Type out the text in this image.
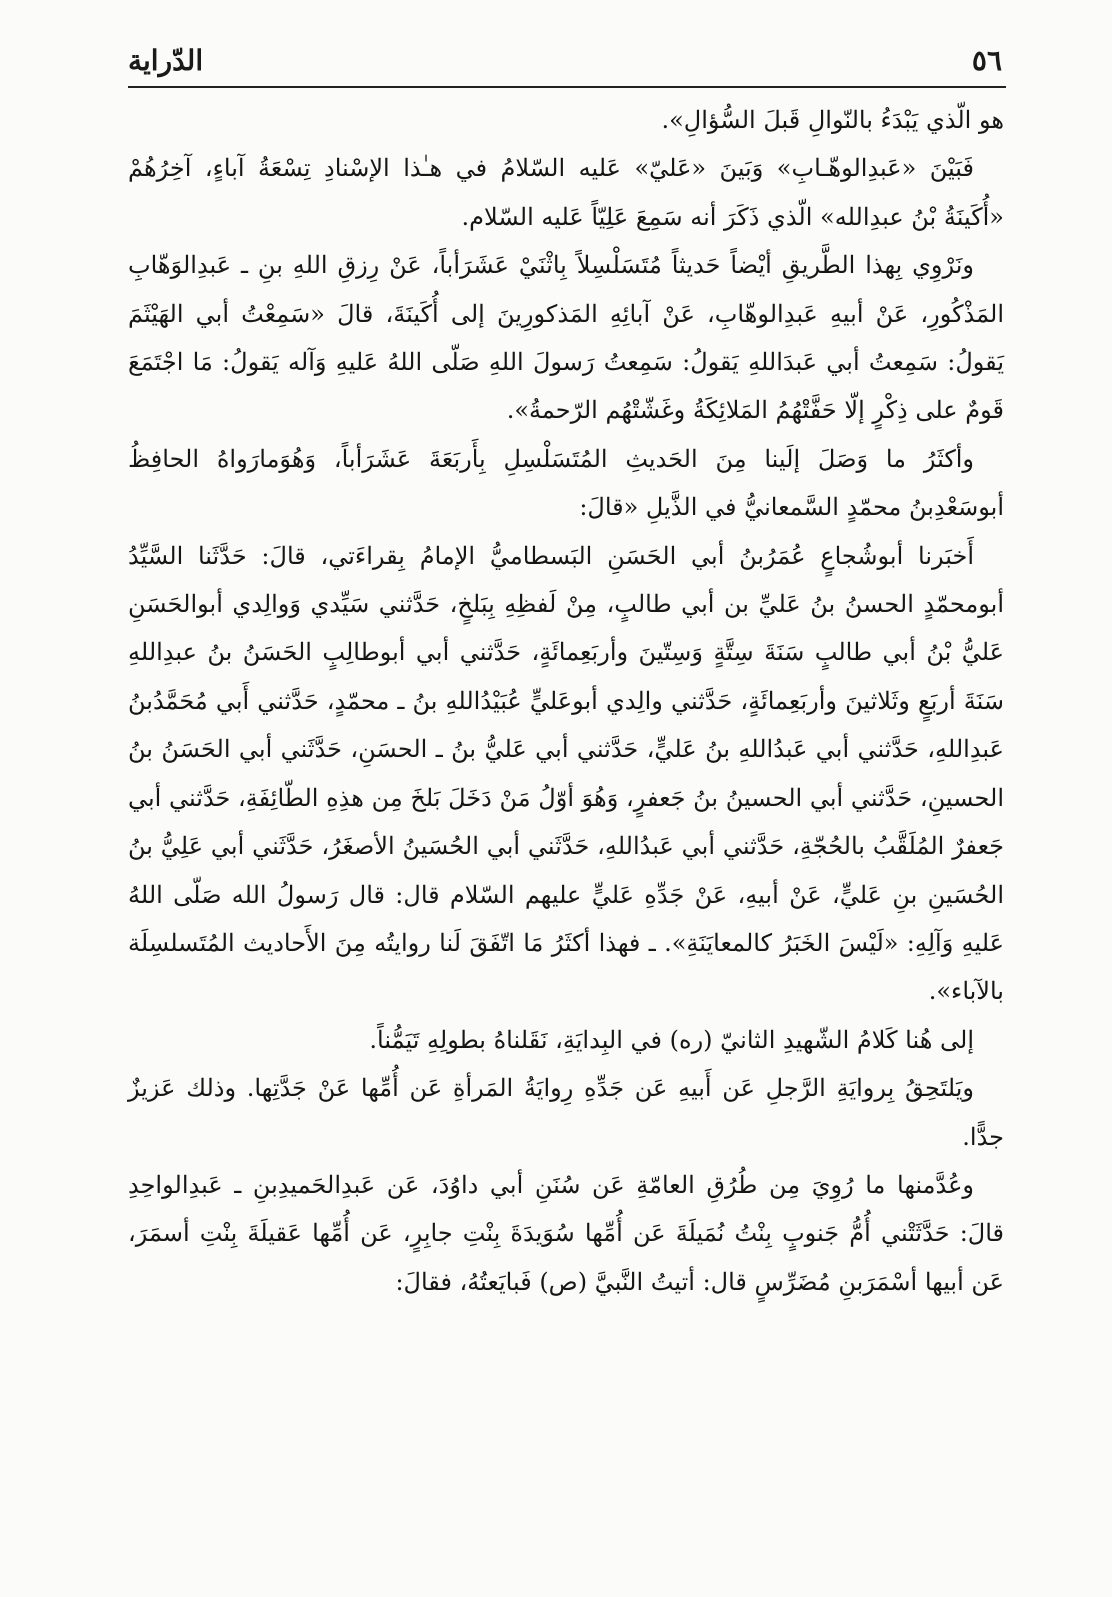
٥٦
الدّراية

هو الّذي يَبْدَءُ بالنّوالِ قَبلَ السُّؤالِ».

فَبَيْنَ «عَبدِالوهّـابِ» وَبَينَ «عَليّ» عَليه السّلامُ في هـٰذا الإسْنادِ تِسْعَةُ آباءٍ، آخِرُهُمْ «أُكَينَةُ بْنُ عبدِالله» الّذي ذَكَرَ أنه سَمِعَ عَلِيّاً عَليه السّلام.

ونَرْوِي بِهذا الطَّريقِ أيْضاً حَديثاً مُتَسَلْسِلاً بِاثْنَيْ عَشَرَأباً، عَنْ رِزقِ اللهِ بنِ ـ عَبدِالوَهّابِ المَذْكُورِ، عَنْ أبيهِ عَبدِالوهّابِ، عَنْ آبائِهِ المَذكورِينَ إلى أُكَينَةَ، قالَ «سَمِعْتُ أبي الهَيْثَمَ يَقولُ: سَمِعتُ أبي عَبدَاللهِ يَقولُ: سَمِعتُ رَسولَ اللهِ صَلّى اللهُ عَليهِ وَآله يَقولُ: مَا اجْتَمَعَ قَومٌ على ذِكْرٍ إلّا حَفَّتْهُمُ المَلائِكَةُ وغَشّتْهُم الرّحمةُ».

وأكثَرُ ما وَصَلَ إلَينا مِنَ الحَديثِ المُتَسَلْسِلِ بِأَربَعَةَ عَشَرَأباً، وَهُوَمارَواهُ الحافِظُ أبوسَعْدِبنُ محمّدٍ السَّمعانيُّ في الذَّيلِ «قالَ:

أَخبَرنا أبوشُجاعٍ عُمَرُبنُ أبي الحَسَنِ البَسطاميُّ الإمامُ بِقراءَتي، قالَ: حَدَّثَنا السَّيِّدُ أبومحمّدٍ الحسنُ بنُ عَليِّ بن أبي طالبٍ، مِنْ لَفظِهِ بِبَلخٍ، حَدَّثني سَيِّدي وَوالِدي أبوالحَسَنِ عَليُّ بْنُ أبي طالبٍ سَنَةَ سِتَّةٍ وَسِتّينَ وأربَعِمائَةٍ، حَدَّثني أبي أبوطالِبٍ الحَسَنُ بنُ عبدِاللهِ سَنَةَ أربَعٍ وثَلاثينَ وأربَعِمائَةٍ، حَدَّثني والِدي أبوعَليٍّ عُبَيْدُاللهِ بنُ ـ محمّدٍ، حَدَّثني أَبي مُحَمَّدُبنُ عَبدِاللهِ، حَدَّثني أبي عَبدُاللهِ بنُ عَليٍّ، حَدَّثني أبي عَليُّ بنُ ـ الحسَنِ، حَدَّثَني أبي الحَسَنُ بنُ الحسينِ، حَدَّثني أبي الحسينُ بنُ جَعفرٍ، وَهُوَ أوّلُ مَنْ دَخَلَ بَلخَ مِن هذِهِ الطّائِفَةِ، حَدَّثني أبي جَعفرٌ المُلَقَّبُ بالحُجّةِ، حَدَّثني أبي عَبدُاللهِ، حَدَّثَني أبي الحُسَينُ الأصغَرُ، حَدَّثَني أبي عَلِيُّ بنُ الحُسَينِ بنِ عَليٍّ، عَنْ أبيهِ، عَنْ جَدِّهِ عَليٍّ عليهم السّلام قال: قال رَسولُ الله صَلّى اللهُ عَليهِ وَآلِهِ: «لَيْسَ الخَبَرُ كالمعايَنَةِ». ـ فهذا أكثَرُ مَا اتّفَقَ لَنا روايتُه مِنَ الأَحاديث المُتَسلسِلَة بالآباء».

إلى هُنا كَلامُ الشّهيدِ الثانيّ (ره) في البِدايَةِ، نَقَلناهُ بطولِهِ تَيَمُّناً.

ويَلتَحِقُ بِروايَةِ الرَّجلِ عَن أَبيهِ عَن جَدِّهِ رِوايَةُ المَرأةِ عَن أُمِّها عَنْ جَدَّتِها. وذلك عَزيزٌ جدًّا.

وعُدَّمنها ما رُوِيَ مِن طُرُقِ العامّةِ عَن سُنَنِ أبي داوُدَ، عَن عَبدِالحَميدِبنِ ـ عَبدِالواحِدِ قالَ: حَدَّثَتْني أُمُّ جَنوبٍ بِنْتُ نُمَيلَةَ عَن أُمِّها سُوَيدَةَ بِنْتِ جابِرٍ، عَن أُمِّها عَقيلَةَ بِنْتِ أسمَرَ، عَن أبيها أسْمَرَبنِ مُضَرِّسٍ قال: أتيتُ النَّبيَّ (ص) فَبايَعتُهُ، فقالَ:
